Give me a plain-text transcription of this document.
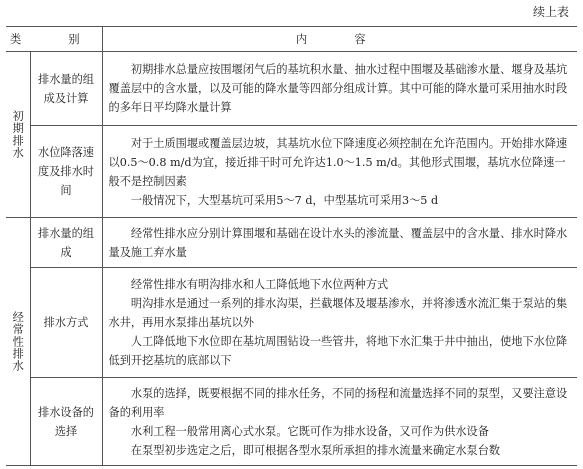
续上表
类　别		内　容
初期排水	排水量的组成及计算	初期排水总量应按围堰闭气后的基坑积水量、抽水过程中围堰及基础渗水量、堰身及基坑覆盖层中的含水量，以及可能的降水量等四部分组成计算。其中可能的降水量可采用抽水时段的多年日平均降水量计算

	水位降落速度及排水时间	对于土质围堰或覆盖层边坡，其基坑水位下降速度必须控制在允许范围内。开始排水降速以0.5～0.8 m/d为宜，接近排干时可允许达1.0～1.5 m/d。其他形式围堰，基坑水位降速一般不是控制因素

一般情况下，大型基坑可采用5～7 d，中型基坑可采用3～5 d

经常性排水	排水量的组成	经常性排水应分别计算围堰和基础在设计水头的渗流量、覆盖层中的含水量、排水时降水量及施工弃水量

	排水方式	经常性排水有明沟排水和人工降低地下水位两种方式

明沟排水是通过一系列的排水沟渠，拦截堰体及堰基渗水，并将渗透水流汇集于泵站的集水井，再用水泵排出基坑以外

人工降低地下水位即在基坑周围钻设一些管井，将地下水汇集于井中抽出，使地下水位降低到开挖基坑的底部以下

	排水设备的选择	水泵的选择，既要根据不同的排水任务，不同的扬程和流量选择不同的泵型，又要注意设备的利用率

水利工程一般常用离心式水泵。它既可作为排水设备，又可作为供水设备

在泵型初步选定之后，即可根据各型水泵所承担的排水流量来确定水泵台数
